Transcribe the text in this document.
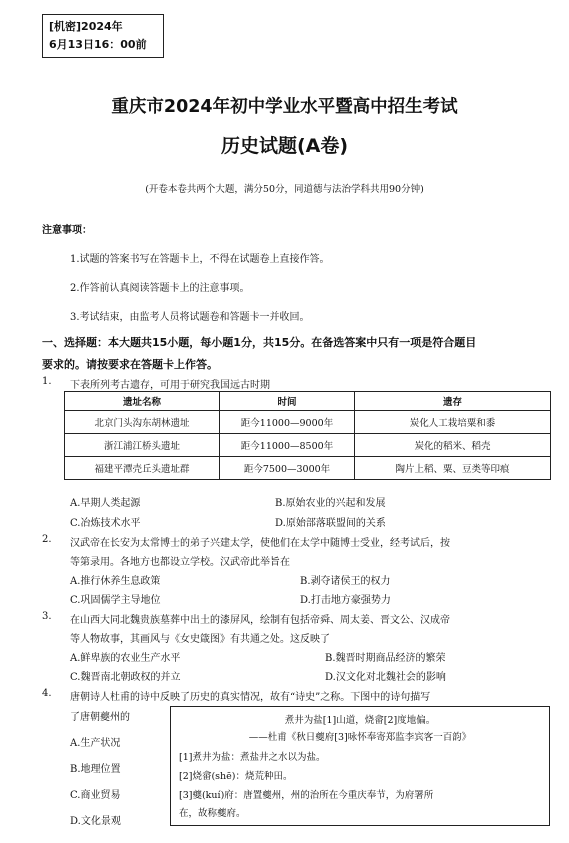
[机密]2024年
6月13日16：00前
重庆市2024年初中学业水平暨高中招生考试
历史试题(A卷)
(开卷本卷共两个大题，满分50分，同道德与法治学科共用90分钟)
注意事项：
1.试题的答案书写在答题卡上，不得在试题卷上直接作答。
2.作答前认真阅读答题卡上的注意事项。
3.考试结束，由监考人员将试题卷和答题卡一并收回。
一、选择题：本大题共15小题，每小题1分，共15分。在备选答案中只有一项是符合题目
要求的。请按要求在答题卡上作答。
1. 下表所列考古遗存，可用于研究我国远古时期
遗址名称	时间	遗存
北京门头沟东胡林遗址	距今11000—9000年	炭化人工栽培粟和黍
浙江浦江桥头遗址	距今11000—8500年	炭化的稻米、稻壳
福建平潭壳丘头遗址群	距今7500—3000年	陶片上稻、粟、豆类等印痕
A.早期人类起源	B.原始农业的兴起和发展
C.冶炼技术水平	D.原始部落联盟间的关系
2. 汉武帝在长安为太常博士的弟子兴建太学，使他们在太学中随博士受业，经考试后，按
等第录用。各地方也都设立学校。汉武帝此举旨在
A.推行休养生息政策	B.剥夺诸侯王的权力
C.巩固儒学主导地位	D.打击地方豪强势力
3. 在山西大同北魏贵族墓葬中出土的漆屏风，绘制有包括帝舜、周太姜、晋文公、汉成帝
等人物故事，其画风与《女史箴图》有共通之处。这反映了
A.鲜卑族的农业生产水平	B.魏晋时期商品经济的繁荣
C.魏晋南北朝政权的并立	D.汉文化对北魏社会的影响
4. 唐朝诗人杜甫的诗中反映了历史的真实情况，故有“诗史”之称。下图中的诗句描写
了唐朝夔州的
A.生产状况
B.地理位置
C.商业贸易
D.文化景观
煮井为盐[1]山道，烧畲[2]度地偏。
——杜甫《秋日夔府[3]咏怀奉寄郑监李宾客一百韵》
[1]煮井为盐：煮盐井之水以为盐。
[2]烧畲(shē)：烧荒种田。
[3]夔(kuí)府：唐置夔州，州的治所在今重庆奉节，为府署所
在，故称夔府。
